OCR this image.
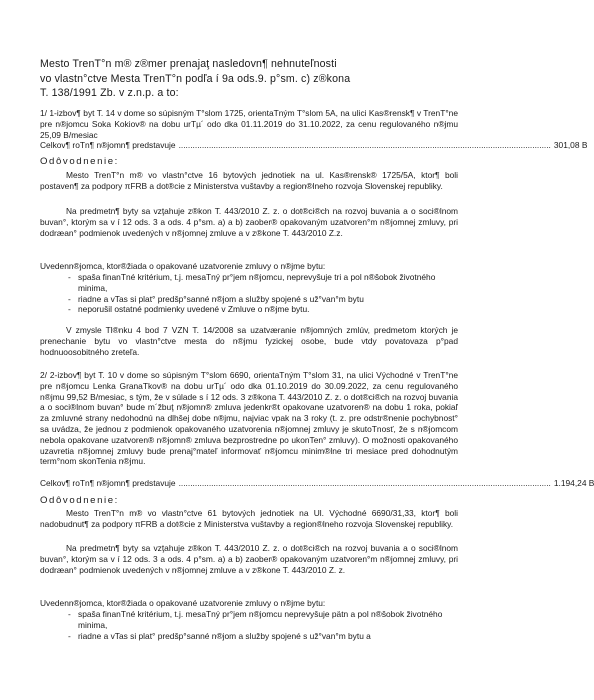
Mesto TrenT°n m® z®mer prenajaţ nasledovn¶ nehnuteľnosti
vo vlastn°ctve Mesta TrenT°n podľa í 9a ods.9. p°sm. c) z®kona
T. 138/1991 Zb. v z.n.p. a to:
1/ 1-izbov¶ byt T. 14 v dome so súpisným T°slom 1725, orientaTným T°slom 5A, na ulici Kas®rensk¶ v TrenT°ne pre n®jomcu Soka Kokiov® na dobu urTµ´ odo dka 01.11.2019 do 31.10.2022, za cenu regulovaného n®jmu 25,09 B/mesiac
Celkov¶ roTn¶ n®jomn¶ predstavuje ................................................................................................................................................................ 301,08 B
Odôvodnenie:
Mesto TrenT°n m® vo vlastn°ctve 16 bytových jednotiek na ul. Kas®rensk® 1725/5A, ktor¶ boli postaven¶ za podpory πFRB a dot®cie z Ministerstva vuštavby a region®lneho rozvoja Slovenskej republiky.
Na predmetn¶ byty sa vzţahuje z®kon T. 443/2010 Z. z. o dot®ci®ch na rozvoj buvania a o soci®lnom buvan°, ktorým sa v í 12 ods. 3 a ods. 4 p°sm. a) a b) zaober® opakovaným uzatvoren°m n®jomnej zmluvy, pri dodræan° podmienok uvedených v n®jomnej zmluve a v z®kone T. 443/2010 Z.z.
Uvedenn®jomca, ktor®žiada o opakované uzatvorenie zmluvy o n®jme bytu:
- spaša finanTné kritérium, t.j. mesaTný pr°jem n®jomcu, neprevyšuje tri a pol n®šobok životného minima,
- riadne a vTas si plat° predšp°sanné n®jom a služby spojené s už°van°m bytu
- neporušil ostatné podmienky uvedené v Zmluve o n®jme bytu.
V zmysle Tl®nku 4 bod 7 VZN T. 14/2008 sa uzatværanie n®jomných zmlúv, predmetom ktorých je prenechanie bytu vo vlastn°ctve mesta do n®jmu fyzickej osobe, bude vtdy povatovaza p°pad hodnuoosobitného zreteľa.
2/ 2-izbov¶ byt T. 10 v dome so súpisným T°slom 6690, orientaTným T°slom 31, na ulici Východné v TrenT°ne pre n®jomcu Lenka GranaTkov® na dobu urTµ´ odo dka 01.10.2019 do 30.09.2022, za cenu regulovaného n®jmu 99,52 B/mesiac, s tým, že v súlade s í 12 ods. 3 z®kona T. 443/2010 Z. z. o dot®ci®ch na rozvoj buvania a o soci®lnom buvan° bude m´žbuţ n®jomn® zmluva jedenkr®t opakovane uzatvoren® na dobu 1 roka, pokiaľ za zmluvné strany nedohodnú na dlhšej dobe n®jmu, najviac vpak na 3 roky (t. z. pre odstr®nenie pochybnost° sa uvádza, že jednou z podmienok opakovaného uzatvorenia n®jomnej zmluvy je skutoTnosť, že s n®jomcom nebola opakovane uzatvoren® n®jomn® zmluva bezprostredne po ukonTen° zmluvy). O možnosti opakovaného uzavretia n®jomnej zmluvy bude prenaj°mateľ informovať n®jomcu minim®lne tri mesiace pred dohodnutým term°nom skonTenia n®jmu.
Celkov¶ roTn¶ n®jomn¶ predstavuje ................................................................................................................................................................ 1.194,24 B
Odôvodnenie:
Mesto TrenT°n m® vo vlastn°ctve 61 bytových jednotiek na Ul. Východné 6690/31,33, ktor¶ boli nadobudnut¶ za podpory πFRB a dot®cie z Ministerstva vuštavby a region®lneho rozvoja Slovenskej republiky.
Na predmetn¶ byty sa vzţahuje z®kon T. 443/2010 Z. z. o dot®ci®ch na rozvoj buvania a o soci®lnom buvan°, ktorým sa v í 12 ods. 3 a ods. 4 p°sm. a) a b) zaober® opakovaným uzatvoren°m n®jomnej zmluvy, pri dodræan° podmienok uvedených v n®jomnej zmluve a v z®kone T. 443/2010 Z. z.
Uvedenn®jomca, ktor®žiada o opakované uzatvorenie zmluvy o n®jme bytu:
- spaša finanTné kritérium, t.j. mesaTný pr°jem n®jomcu neprevyšuje pätn a pol n®šobok životného minima,
- riadne a vTas si plat° predšp°sanné n®jom a služby spojené s už°van°m bytu a
